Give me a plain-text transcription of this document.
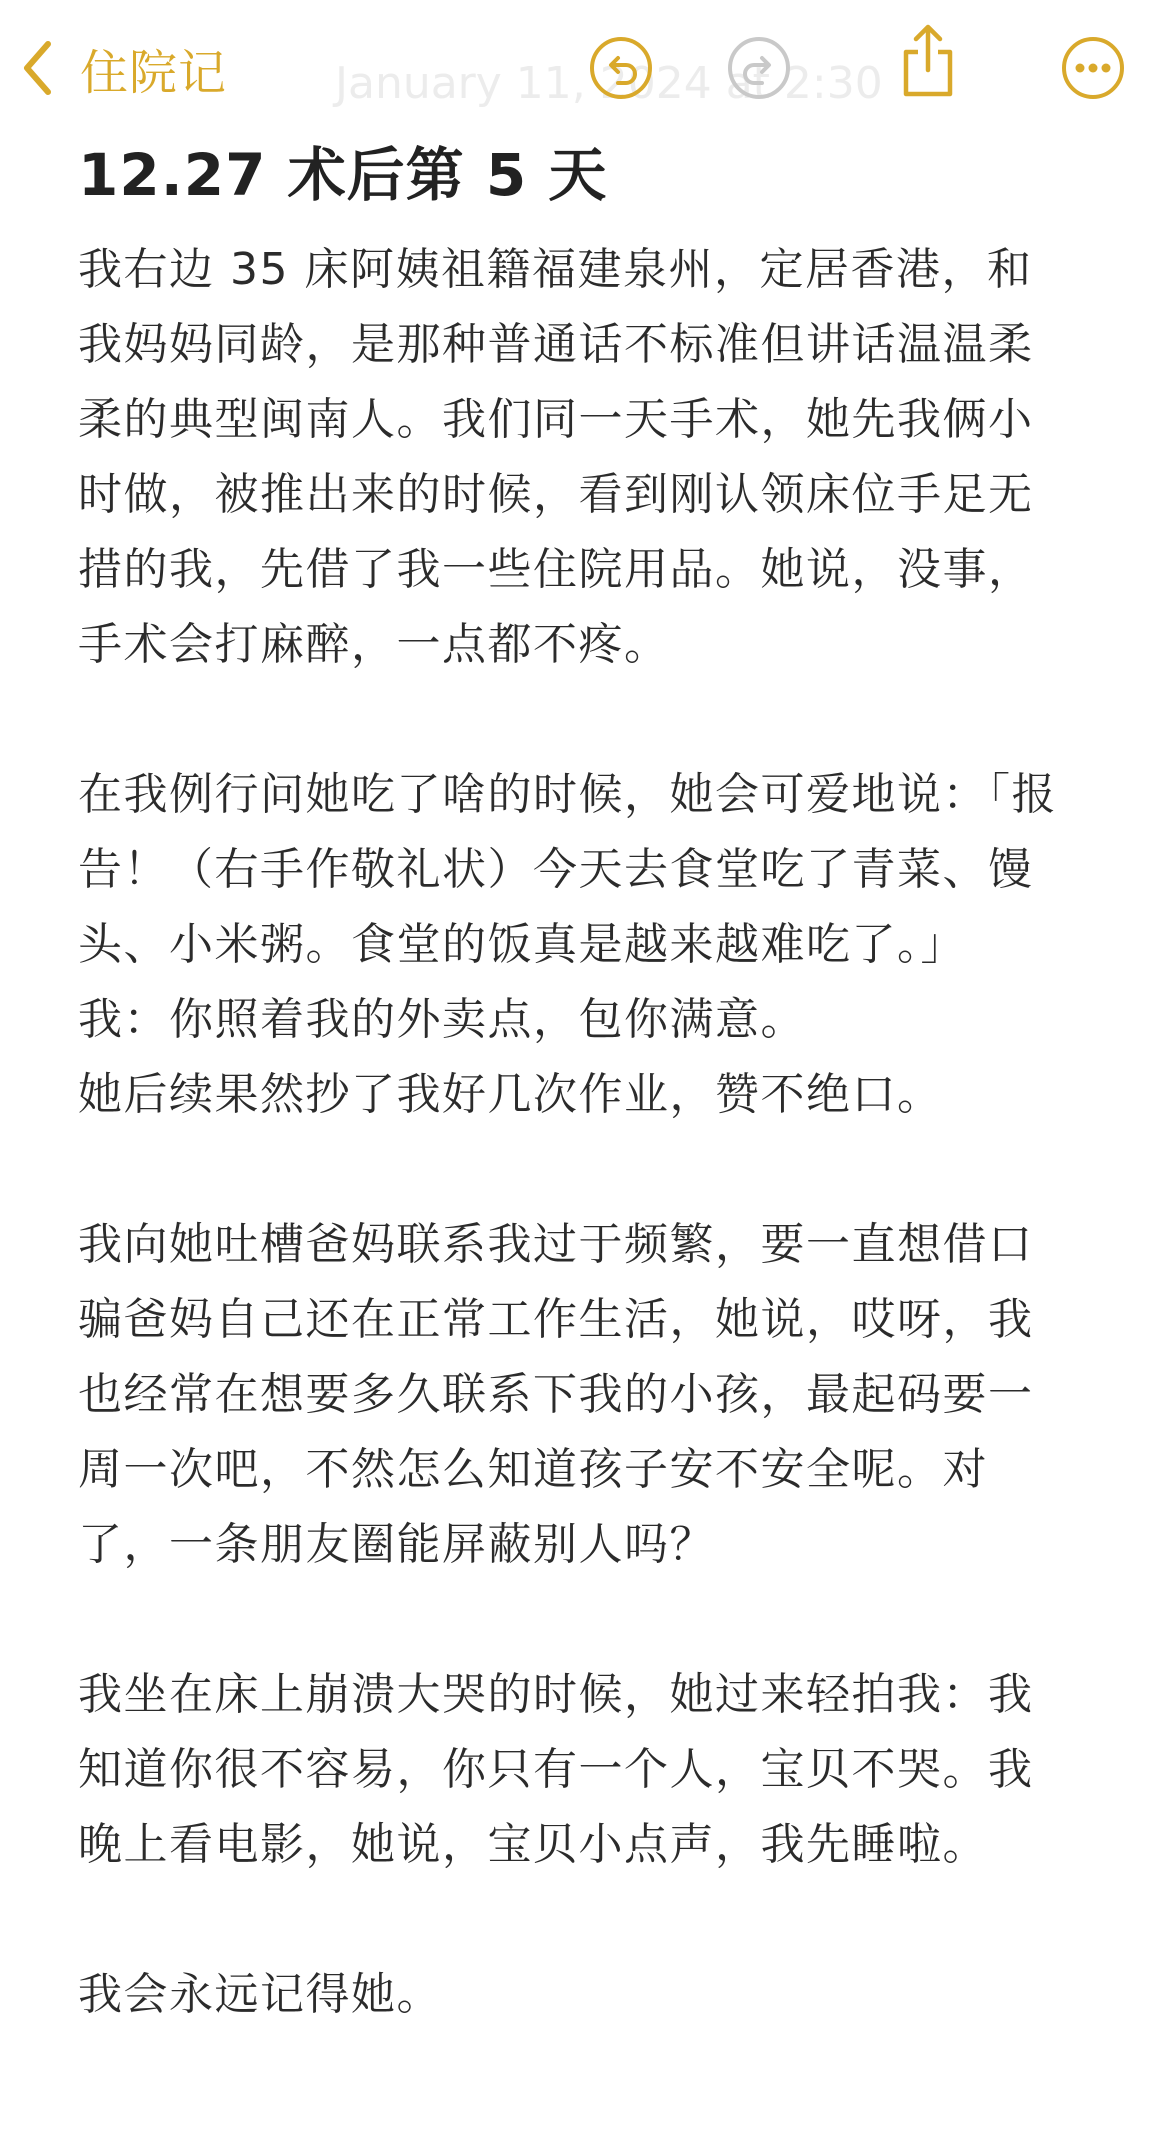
住院记 January 11, 2024 at 2:30
12.27 术后第 5 天
我右边 35 床阿姨祖籍福建泉州，定居香港，和
我妈妈同龄，是那种普通话不标准但讲话温温柔
柔的典型闽南人。我们同一天手术，她先我俩小
时做，被推出来的时候，看到刚认领床位手足无
措的我，先借了我一些住院用品。她说，没事，
手术会打麻醉，一点都不疼。
在我例行问她吃了啥的时候，她会可爱地说：「报
告！（右手作敬礼状）今天去食堂吃了青菜、馒
头、小米粥。食堂的饭真是越来越难吃了。」
我：你照着我的外卖点，包你满意。
她后续果然抄了我好几次作业，赞不绝口。
我向她吐槽爸妈联系我过于频繁，要一直想借口
骗爸妈自己还在正常工作生活，她说，哎呀，我
也经常在想要多久联系下我的小孩，最起码要一
周一次吧，不然怎么知道孩子安不安全呢。对
了，一条朋友圈能屏蔽别人吗？
我坐在床上崩溃大哭的时候，她过来轻拍我：我
知道你很不容易，你只有一个人，宝贝不哭。我
晚上看电影，她说，宝贝小点声，我先睡啦。
我会永远记得她。
